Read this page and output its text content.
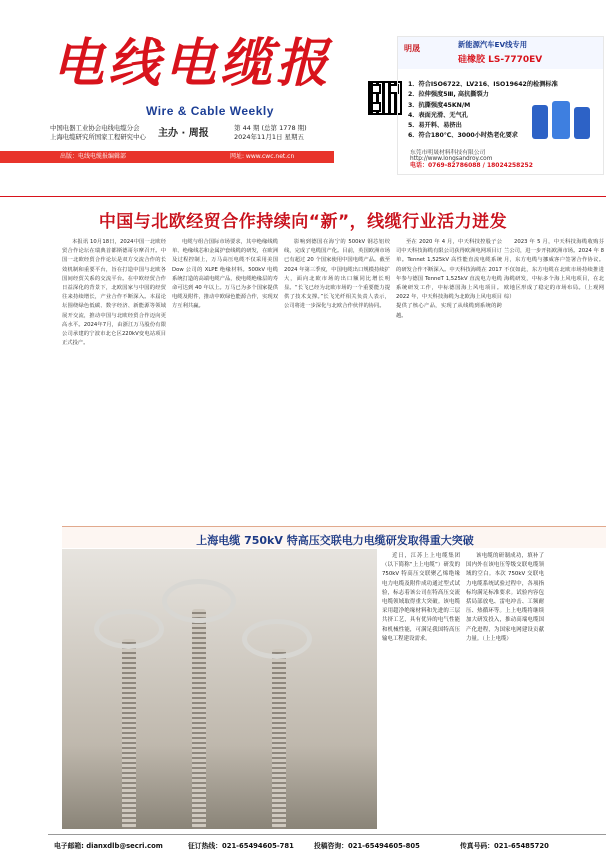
电线电缆报
Wire & Cable Weekly
中国电器工业协会电线电缆分会
上海电缆研究所国家工程研究中心	主办 · 周报	第 44 期 (总第 1778 期)
2024年11月1日 星期五
出版：电线电缆报编辑部	网址: www.cwc.net.cn
明晟	新能源汽车EV线专用
硅橡胶 LS-7770EV
1．符合ISO6722、LV216、ISO19642的检测标准
2．拉伸强度5Ⅲ, 高抗撕裂力
3．抗撕强度45KN/M
4．表面光滑、无气孔
5．易开料、易挤出
6．符合180℃、3000小时热老化要求
东莞市明晟材料科技有限公司
http://www.longsandroy.com
电话：0769-82786088 / 18024258252
中国与北欧经贸合作持续向“新”，线缆行业活力迸发
本报讯 10月18日，2024中国一北欧经贸合作论坛在瑞典首都斯德哥尔摩召开。中国一北欧经贸合作论坛是双方交流合作的长效机制和重要平台，旨在打造中国与北欧各国间经贸关系的交流平台。在中欧经贸合作日益深化的背景下，北欧国家与中国的经贸往来持续增长，产业合作不断深入。本届论坛围绕绿色低碳、数字经济、新能源等领域展开交流，推动中国与北欧经贸合作迈向更高水平。2024年7月，由浙江万马股份有限公司承建的宁波市北仑区220kV变电站项目正式投产。
电缆与组合国际市场要求，其中绝缘线缆单、绝缘线芯和金属护套线缆的研发，在欧洲及过程控制上，万马高压电缆不仅采用美国 Dow 公司的 XLPE 绝缘材料。500kV 电缆系统打造的高端电缆产品，使电缆绝缘层的寿命可达到 40 年以上。万马已为多个国家提供电缆及附件，推动中欧绿色能源合作，实现双方互利共赢。
影响到德国在海宁的 500kV 钢芯铝绞线，完成了电缆国产化。目前，英国欧洲市场已有超过 20 个国家使用中国电缆产品。截至 2024 年第三季度，中国电缆出口规模持续扩大，面向北欧市场的出口额同比增长明显。“长飞已经为北欧市场的一个重要能力提供了技术支撑。”长飞光纤相关负责人表示，公司将进一步深化与北欧合作伙伴的协同。
至在 2020 年 4 月，中天科技控股子公司中天科技海缆有限公司获得欧洲电网项目订单。Tennet 1,525kV 高性能直流电缆系统的研发合作不断深入。中天科技海缆在 2017 年参与德国 TenneT 1,525kV 直流电力电缆系统研发工作，中标德国海上风电项目。2022 年，中天科技海缆为北欧海上风电项目提供了核心产品，实现了从线缆到系统的跨越。
2023 年 5 月，中天科技海缆收购芬兰公司，进一步开拓欧洲市场。2024 年 8 月，东方电缆与挪威客户签署合作协议。不仅如此，东方电缆在北欧市场持续推进海缆研发，中标多个海上风电项目，在北欧地区形成了稳定的市场布局。（上观网 综）
上海电缆 750kV 特高压交联电力电缆研发取得重大突破
近日，江苏上上电缆集团（以下简称“上上电缆”）研发的 750kV 特高压交联聚乙烯绝缘电力电缆及附件成功通过型式试验，标志着该公司在特高压交流电缆领域取得重大突破。该电缆采用超净绝缘材料和先进的三层共挤工艺，具有优异的电气性能和机械性能，可满足我国特高压输电工程建设需求。
该电缆的研制成功，填补了国内外在该电压等级交联电缆领域的空白。本次 750kV 交联电力电缆系统试验过程中，各项指标均满足标准要求。试验内容包括局部放电、雷电冲击、工频耐压、热循环等。上上电缆将继续加大研发投入，推动高端电缆国产化进程，为国家电网建设贡献力量。（上上电缆）
电子邮箱: dianxdlb@secri.com	征订热线：021-65494605-781	投稿咨询：021-65494605-805	传真号码：021-65485720
